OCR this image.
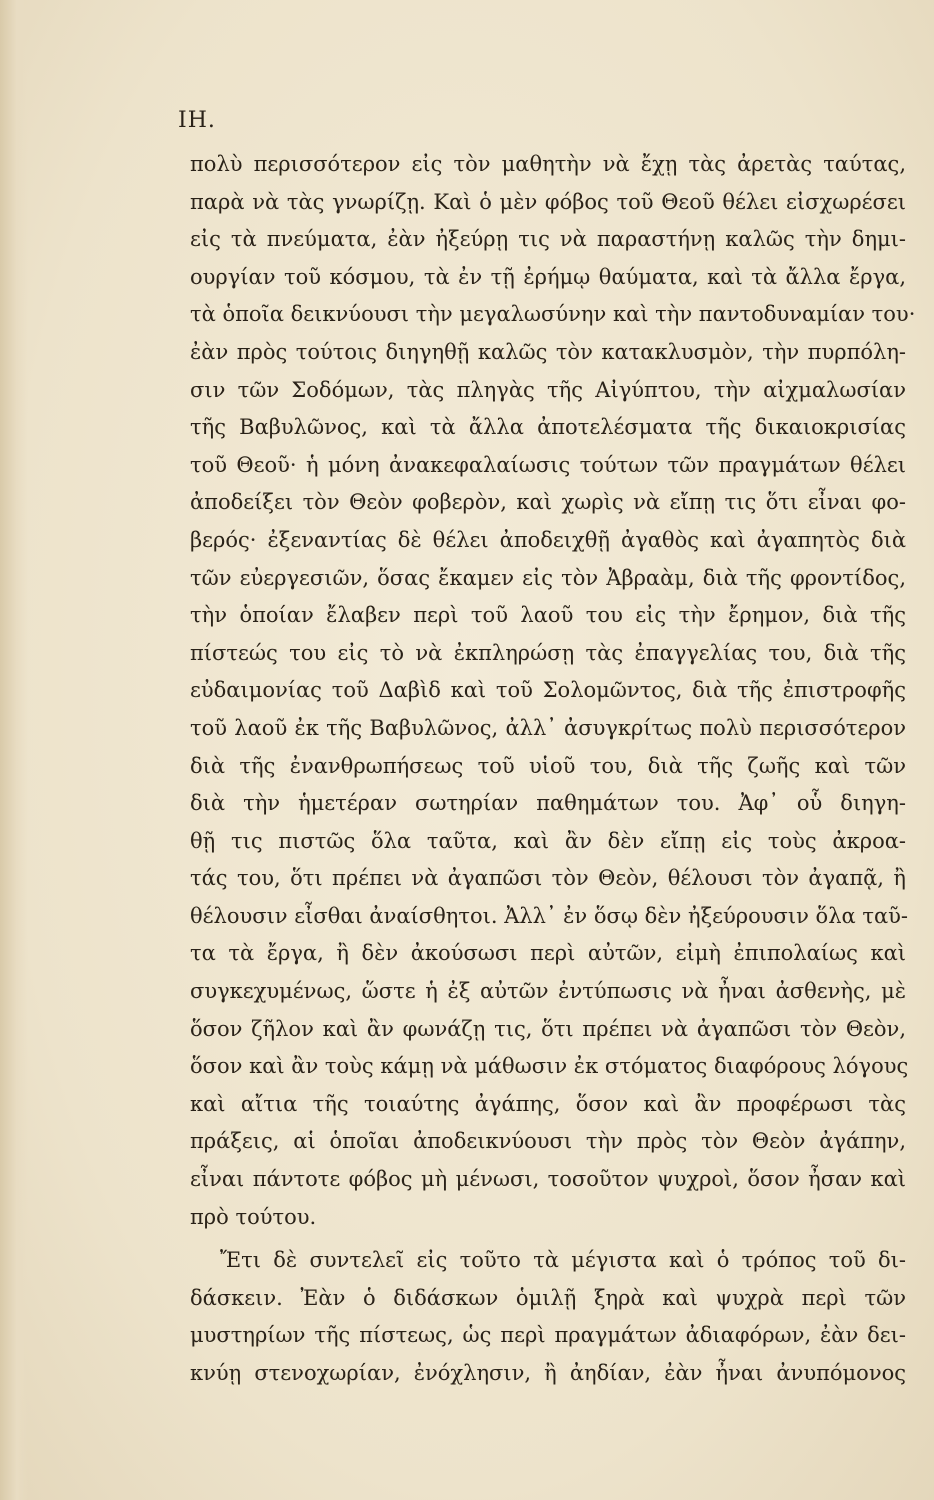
ΙΗ.
πολὺ περισσότερον εἰς τὸν μαθητὴν νὰ ἔχῃ τὰς ἀρετὰς ταύτας,
παρὰ νὰ τὰς γνωρίζῃ. Καὶ ὁ μὲν φόβος τοῦ Θεοῦ θέλει εἰσχωρέσει
εἰς τὰ πνεύματα, ἐὰν ἠξεύρῃ τις νὰ παραστήνῃ καλῶς τὴν δημι-
ουργίαν τοῦ κόσμου, τὰ ἐν τῇ ἐρήμῳ θαύματα, καὶ τὰ ἄλλα ἔργα,
τὰ ὁποῖα δεικνύουσι τὴν μεγαλωσύνην καὶ τὴν παντοδυναμίαν του·
ἐὰν πρὸς τούτοις διηγηθῇ καλῶς τὸν κατακλυσμὸν, τὴν πυρπόλη-
σιν τῶν Σοδόμων, τὰς πληγὰς τῆς Αἰγύπτου, τὴν αἰχμαλωσίαν
τῆς Βαβυλῶνος, καὶ τὰ ἄλλα ἀποτελέσματα τῆς δικαιοκρισίας
τοῦ Θεοῦ· ἡ μόνη ἀνακεφαλαίωσις τούτων τῶν πραγμάτων θέλει
ἀποδείξει τὸν Θεὸν φοβερὸν, καὶ χωρὶς νὰ εἴπῃ τις ὅτι εἶναι φο-
βερός· ἐξεναντίας δὲ θέλει ἀποδειχθῇ ἀγαθὸς καὶ ἀγαπητὸς διὰ
τῶν εὐεργεσιῶν, ὅσας ἔκαμεν εἰς τὸν Ἀβραὰμ, διὰ τῆς φροντίδος,
τὴν ὁποίαν ἔλαβεν περὶ τοῦ λαοῦ του εἰς τὴν ἔρημον, διὰ τῆς
πίστεώς του εἰς τὸ νὰ ἐκπληρώσῃ τὰς ἐπαγγελίας του, διὰ τῆς
εὐδαιμονίας τοῦ Δαβὶδ καὶ τοῦ Σολομῶντος, διὰ τῆς ἐπιστροφῆς
τοῦ λαοῦ ἐκ τῆς Βαβυλῶνος, ἀλλ᾽ ἀσυγκρίτως πολὺ περισσότερον
διὰ τῆς ἐνανθρωπήσεως τοῦ υἱοῦ του, διὰ τῆς ζωῆς καὶ τῶν
διὰ τὴν ἡμετέραν σωτηρίαν παθημάτων του. Ἀφ᾽ οὗ διηγη-
θῇ τις πιστῶς ὅλα ταῦτα, καὶ ἂν δὲν εἴπῃ εἰς τοὺς ἀκροα-
τάς του, ὅτι πρέπει νὰ ἀγαπῶσι τὸν Θεὸν, θέλουσι τὸν ἀγαπᾷ, ἢ
θέλουσιν εἶσθαι ἀναίσθητοι. Ἀλλ᾽ ἐν ὅσῳ δὲν ἠξεύρουσιν ὅλα ταῦ-
τα τὰ ἔργα, ἢ δὲν ἀκούσωσι περὶ αὐτῶν, εἰμὴ ἐπιπολαίως καὶ
συγκεχυμένως, ὥστε ἡ ἐξ αὐτῶν ἐντύπωσις νὰ ἦναι ἀσθενὴς, μὲ
ὅσον ζῆλον καὶ ἂν φωνάζῃ τις, ὅτι πρέπει νὰ ἀγαπῶσι τὸν Θεὸν,
ὅσον καὶ ἂν τοὺς κάμῃ νὰ μάθωσιν ἐκ στόματος διαφόρους λόγους
καὶ αἴτια τῆς τοιαύτης ἀγάπης, ὅσον καὶ ἂν προφέρωσι τὰς
πράξεις, αἱ ὁποῖαι ἀποδεικνύουσι τὴν πρὸς τὸν Θεὸν ἀγάπην,
εἶναι πάντοτε φόβος μὴ μένωσι, τοσοῦτον ψυχροὶ, ὅσον ἦσαν καὶ
πρὸ τούτου.
Ἔτι δὲ συντελεῖ εἰς τοῦτο τὰ μέγιστα καὶ ὁ τρόπος τοῦ δι-
δάσκειν. Ἐὰν ὁ διδάσκων ὁμιλῇ ξηρὰ καὶ ψυχρὰ περὶ τῶν
μυστηρίων τῆς πίστεως, ὡς περὶ πραγμάτων ἀδιαφόρων, ἐὰν δει-
κνύῃ στενοχωρίαν, ἐνόχλησιν, ἢ ἀηδίαν, ἐὰν ἦναι ἀνυπόμονος
